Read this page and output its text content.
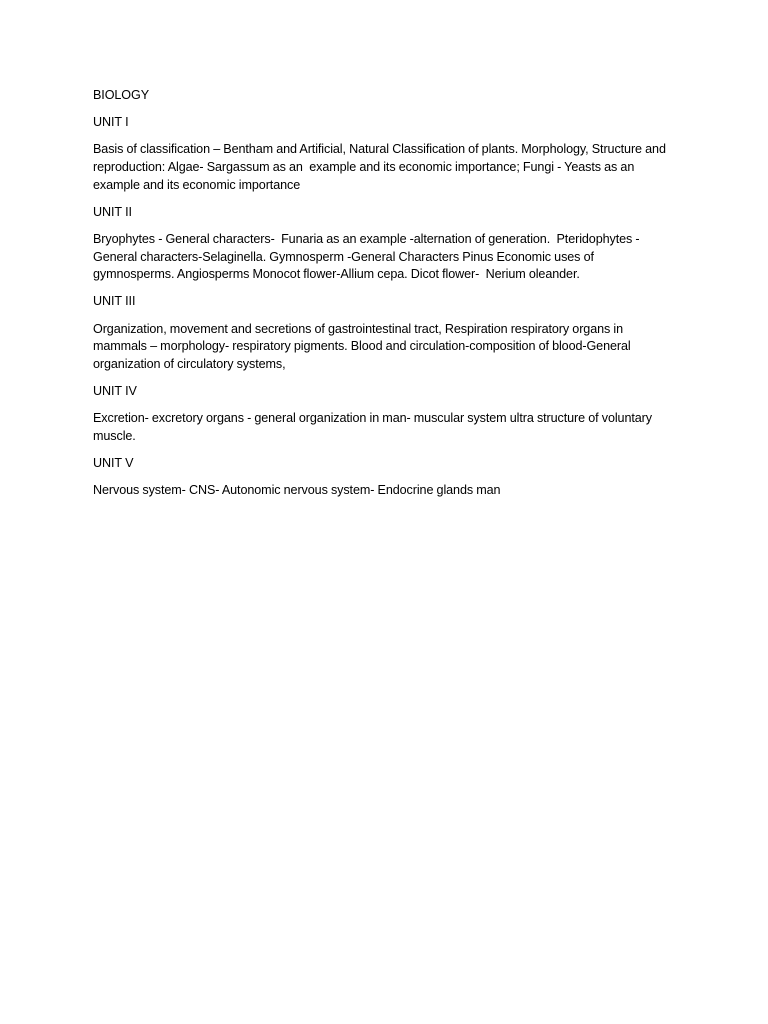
BIOLOGY

UNIT I

Basis of classification – Bentham and Artificial, Natural Classification of plants. Morphology, Structure and reproduction: Algae- Sargassum as an  example and its economic importance; Fungi - Yeasts as an example and its economic importance

UNIT II

Bryophytes - General characters-  Funaria as an example -alternation of generation.  Pteridophytes - General characters-Selaginella. Gymnosperm -General Characters Pinus Economic uses of gymnosperms. Angiosperms Monocot flower-Allium cepa. Dicot flower-  Nerium oleander.

UNIT III

Organization, movement and secretions of gastrointestinal tract, Respiration respiratory organs in mammals – morphology- respiratory pigments. Blood and circulation-composition of blood-General organization of circulatory systems,

UNIT IV

Excretion- excretory organs - general organization in man- muscular system ultra structure of voluntary muscle.

UNIT V

Nervous system- CNS- Autonomic nervous system- Endocrine glands man
